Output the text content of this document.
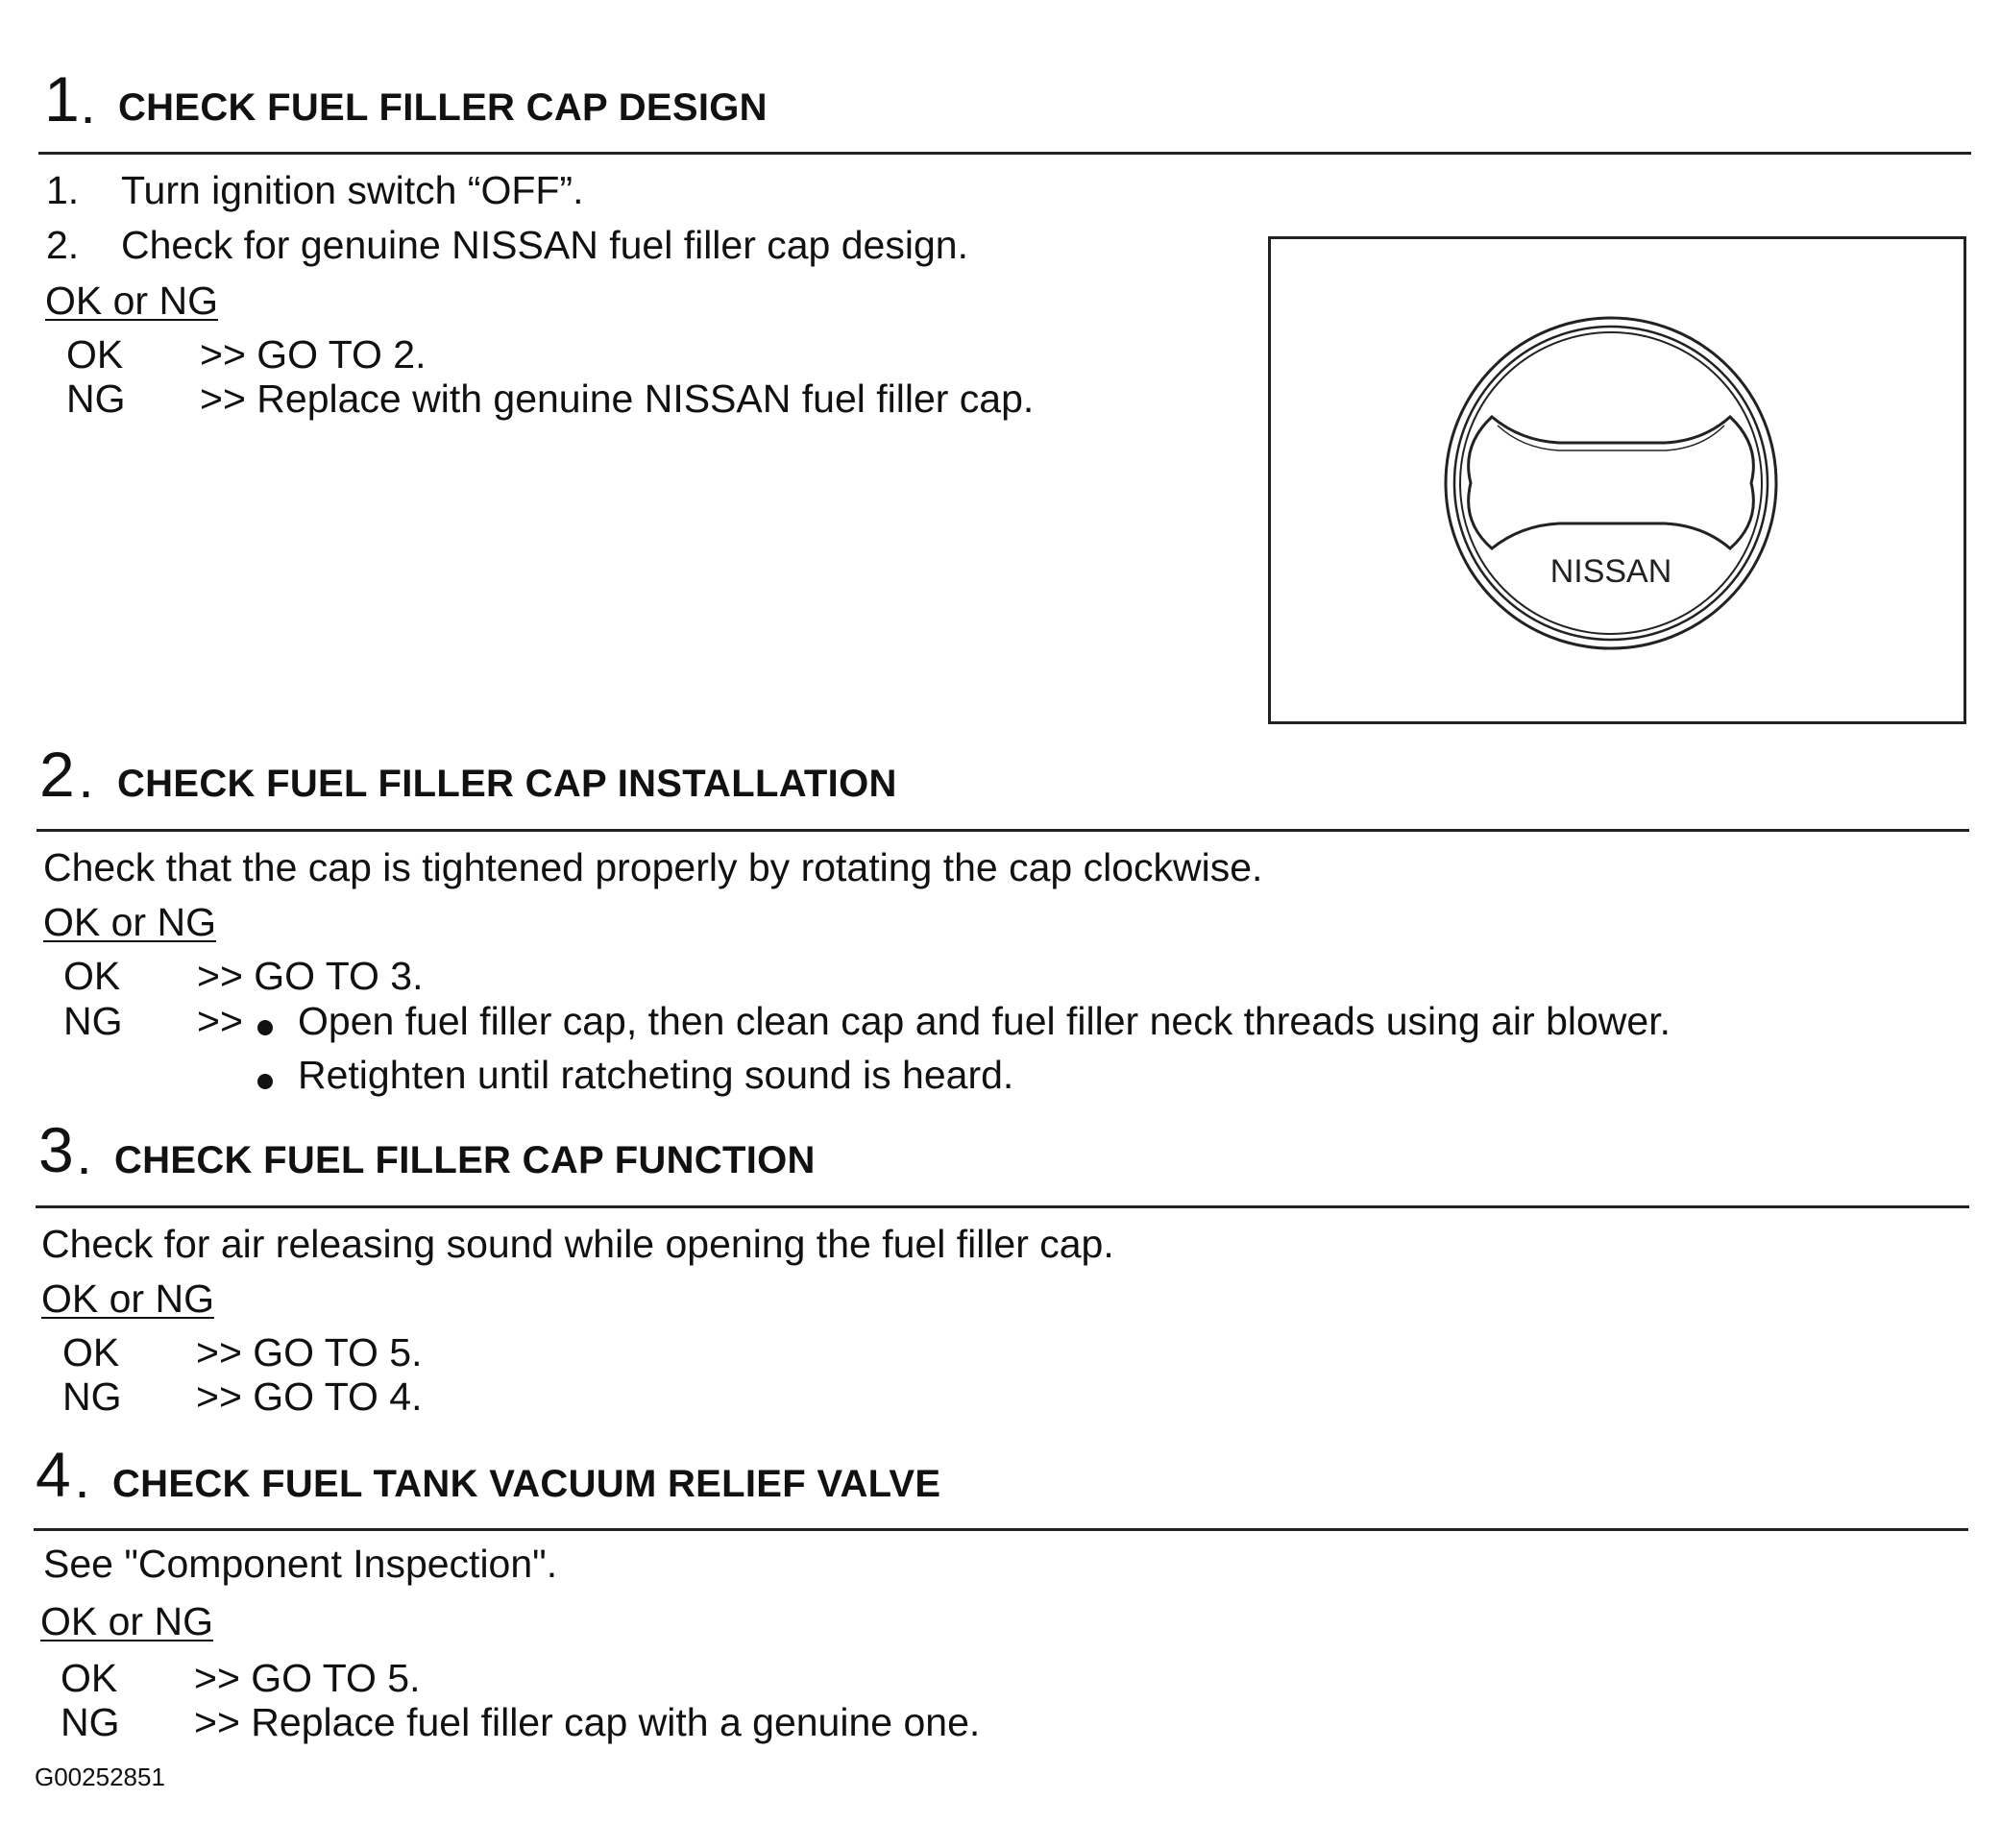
1 . CHECK FUEL FILLER CAP DESIGN
1. Turn ignition switch “OFF”.
2. Check for genuine NISSAN fuel filler cap design.
OK or NG
OK >> GO TO 2.
NG >> Replace with genuine NISSAN fuel filler cap.
NISSAN
2 . CHECK FUEL FILLER CAP INSTALLATION
Check that the cap is tightened properly by rotating the cap clockwise.
OK or NG
OK >> GO TO 3.
NG >> Open fuel filler cap, then clean cap and fuel filler neck threads using air blower.
Retighten until ratcheting sound is heard.
3 . CHECK FUEL FILLER CAP FUNCTION
Check for air releasing sound while opening the fuel filler cap.
OK or NG
OK >> GO TO 5.
NG >> GO TO 4.
4 . CHECK FUEL TANK VACUUM RELIEF VALVE
See "Component Inspection".
OK or NG
OK >> GO TO 5.
NG >> Replace fuel filler cap with a genuine one.
G00252851
